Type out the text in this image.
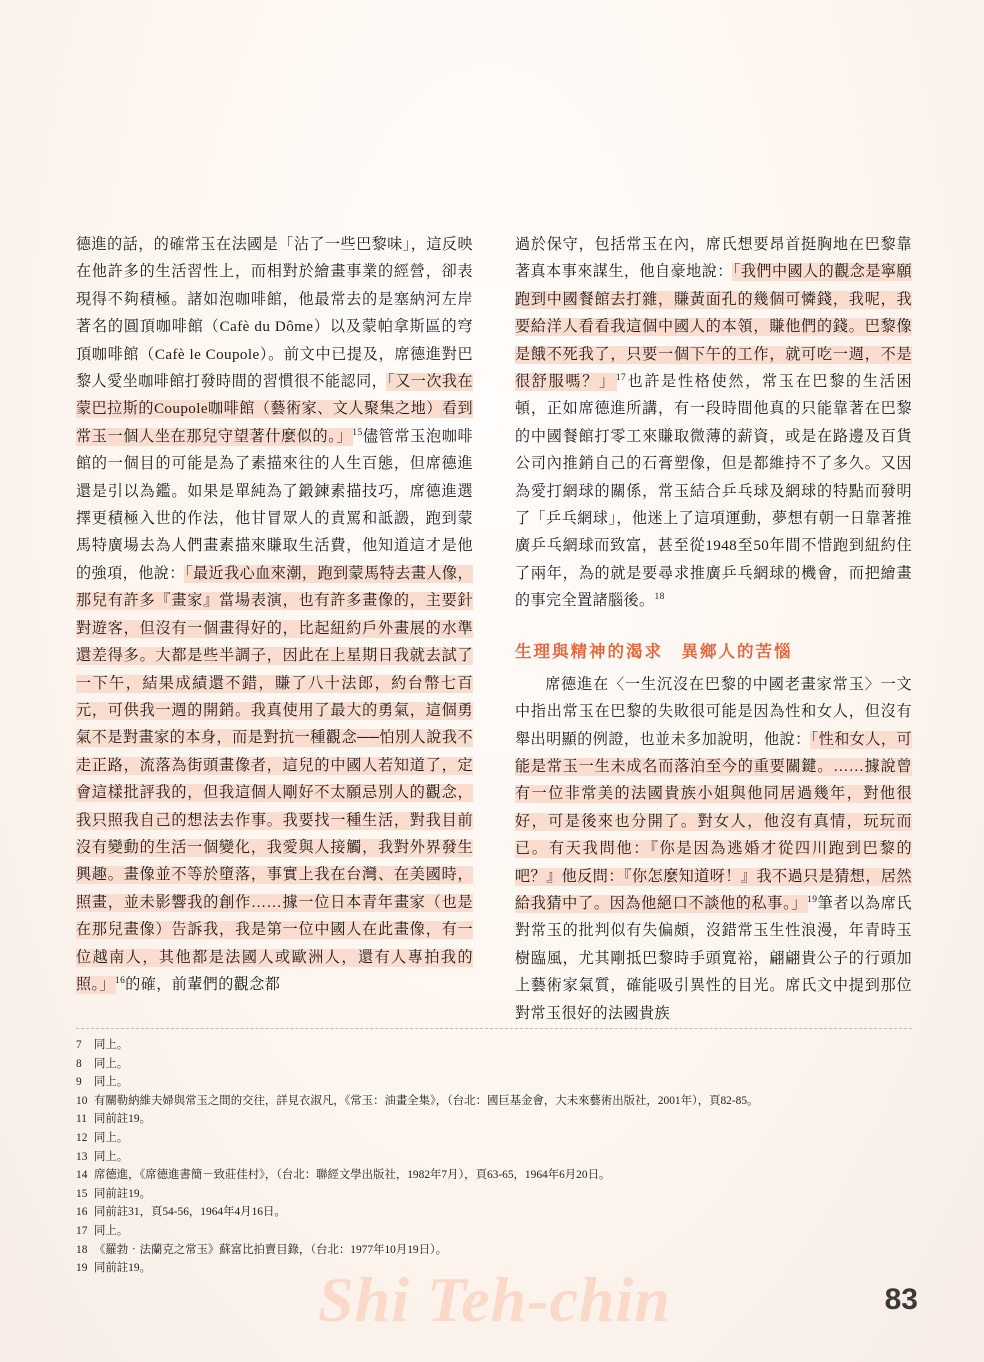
德進的話，的確常玉在法國是「沾了一些巴黎味」，這反映在他許多的生活習性上，而相對於繪畫事業的經營，卻表現得不夠積極。諸如泡咖啡館，他最常去的是塞納河左岸著名的圓頂咖啡館（Cafè du Dôme）以及蒙帕拿斯區的穹頂咖啡館（Cafè le Coupole）。前文中已提及，席德進對巴黎人愛坐咖啡館打發時間的習慣很不能認同，「又一次我在蒙巴拉斯的Coupole咖啡館（藝術家、文人聚集之地）看到常玉一個人坐在那兒守望著什麼似的。」$^{15}$儘管常玉泡咖啡館的一個目的可能是為了素描來往的人生百態，但席德進還是引以為鑑。如果是單純為了鍛鍊素描技巧，席德進選擇更積極入世的作法，他甘冒眾人的責罵和詆譭，跑到蒙馬特廣場去為人們畫素描來賺取生活費，他知道這才是他的強項，他說：「最近我心血來潮，跑到蒙馬特去畫人像，那兒有許多『畫家』當場表演，也有許多畫像的，主要針對遊客，但沒有一個畫得好的，比起紐約戶外畫展的水準還差得多。大都是些半調子，因此在上星期日我就去試了一下午，結果成績還不錯，賺了八十法郎，約台幣七百元，可供我一週的開銷。我真使用了最大的勇氣，這個勇氣不是對畫家的本身，而是對抗一種觀念──怕別人說我不走正路，流落為街頭畫像者，這兒的中國人若知道了，定會這樣批評我的，但我這個人剛好不太願忌別人的觀念，我只照我自己的想法去作事。我要找一種生活，對我目前沒有變動的生活一個變化，我愛與人接觸，我對外界發生興趣。畫像並不等於墮落，事實上我在台灣、在美國時，照畫，並未影響我的創作……據一位日本青年畫家（也是在那兒畫像）告訴我，我是第一位中國人在此畫像，有一位越南人，其他都是法國人或歐洲人，還有人專拍我的照。」$^{16}$的確，前輩們的觀念都

過於保守，包括常玉在內，席氏想要昂首挺胸地在巴黎靠著真本事來謀生，他自豪地說：「我們中國人的觀念是寧願跑到中國餐館去打雜，賺黃面孔的幾個可憐錢，我呢，我要給洋人看看我這個中國人的本領，賺他們的錢。巴黎像是餓不死我了，只要一個下午的工作，就可吃一週，不是很舒服嗎？」$^{17}$也許是性格使然，常玉在巴黎的生活困頓，正如席德進所講，有一段時間他真的只能靠著在巴黎的中國餐館打零工來賺取微薄的薪資，或是在路邊及百貨公司內推銷自己的石膏塑像，但是都維持不了多久。又因為愛打網球的關係，常玉結合乒乓球及網球的特點而發明了「乒乓網球」，他迷上了這項運動，夢想有朝一日靠著推廣乒乓網球而致富，甚至從1948至50年間不惜跑到紐約住了兩年，為的就是要尋求推廣乒乓網球的機會，而把繪畫的事完全置諸腦後。$^{18}$

生理與精神的渴求　異鄉人的苦惱

席德進在〈一生沉沒在巴黎的中國老畫家常玉〉一文中指出常玉在巴黎的失敗很可能是因為性和女人，但沒有舉出明顯的例證，也並未多加說明，他說：「性和女人，可能是常玉一生未成名而落泊至今的重要關鍵。……據說曾有一位非常美的法國貴族小姐與他同居過幾年，對他很好，可是後來也分開了。對女人，他沒有真情，玩玩而已。有天我問他：『你是因為逃婚才從四川跑到巴黎的吧？』他反問：『你怎麼知道呀！』我不過只是猜想，居然給我猜中了。因為他絕口不談他的私事。」$^{19}$筆者以為席氏對常玉的批判似有失偏頗，沒錯常玉生性浪漫，年青時玉樹臨風，尤其剛抵巴黎時手頭寬裕，翩翩貴公子的行頭加上藝術家氣質，確能吸引異性的目光。席氏文中提到那位對常玉很好的法國貴族

7 同上。
8 同上。
9 同上。
10 有關勒納維夫婦與常玉之間的交往，詳見衣淑凡，《常玉：油畫全集》，（台北：國巨基金會，大未來藝術出版社，2001年），頁82-85。
11 同前註19。
12 同上。
13 同上。
14 席德進，《席德進書簡－致莊佳村》，（台北：聯經文學出版社，1982年7月），頁63-65，1964年6月20日。
15 同前註19。
16 同前註31，頁54-56，1964年4月16日。
17 同上。
18 《羅勃‧法蘭克之常玉》蘇富比拍賣目錄，（台北：1977年10月19日）。
19 同前註19。	Shi Teh-chin	83
